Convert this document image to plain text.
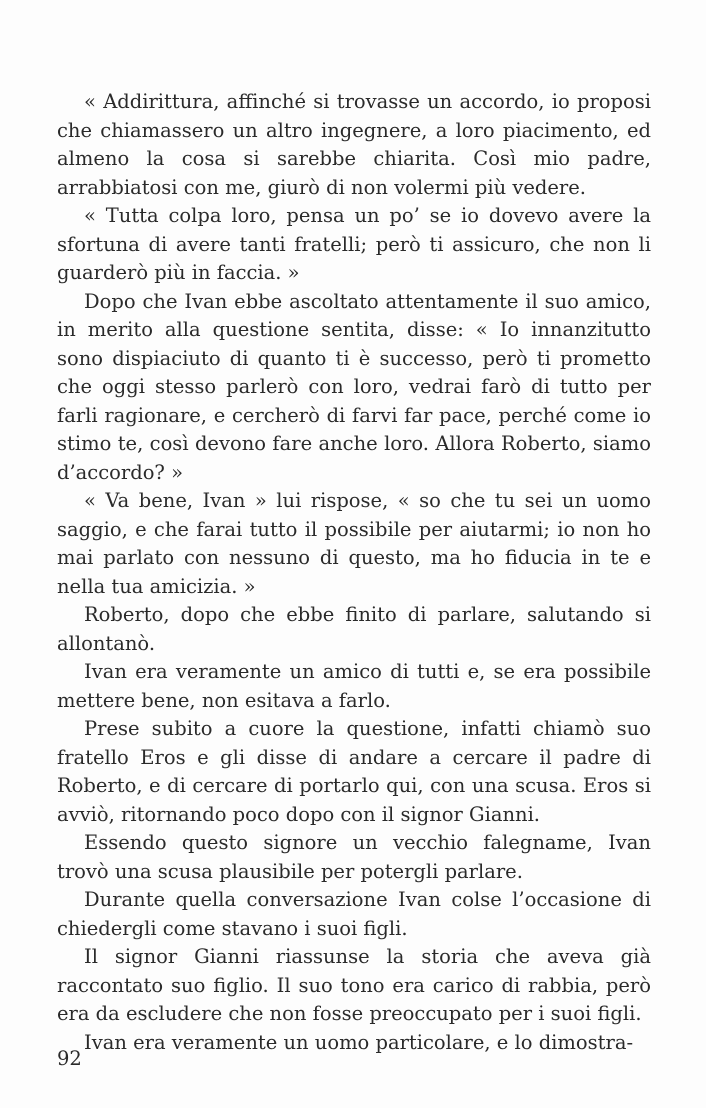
« Addirittura, affinché si trovasse un accordo, io proposi che chiamassero un altro ingegnere, a loro piacimento, ed almeno la cosa si sarebbe chiarita. Così mio padre, arrabbiatosi con me, giurò di non volermi più vedere.

« Tutta colpa loro, pensa un po’ se io dovevo avere la sfortuna di avere tanti fratelli; però ti assicuro, che non li guarderò più in faccia. »

Dopo che Ivan ebbe ascoltato attentamente il suo amico, in merito alla questione sentita, disse: « Io innanzitutto sono dispiaciuto di quanto ti è successo, però ti prometto che oggi stesso parlerò con loro, vedrai farò di tutto per farli ragionare, e cercherò di farvi far pace, perché come io stimo te, così devono fare anche loro. Allora Roberto, siamo d’accordo? »

« Va bene, Ivan » lui rispose, « so che tu sei un uomo saggio, e che farai tutto il possibile per aiutarmi; io non ho mai parlato con nessuno di questo, ma ho fiducia in te e nella tua amicizia. »

Roberto, dopo che ebbe finito di parlare, salutando si allontanò.

Ivan era veramente un amico di tutti e, se era possibile mettere bene, non esitava a farlo.

Prese subito a cuore la questione, infatti chiamò suo fratello Eros e gli disse di andare a cercare il padre di Roberto, e di cercare di portarlo qui, con una scusa. Eros si avviò, ritornando poco dopo con il signor Gianni.

Essendo questo signore un vecchio falegname, Ivan trovò una scusa plausibile per potergli parlare.

Durante quella conversazione Ivan colse l’occasione di chiedergli come stavano i suoi figli.

Il signor Gianni riassunse la storia che aveva già raccontato suo figlio. Il suo tono era carico di rabbia, però era da escludere che non fosse preoccupato per i suoi figli.

Ivan era veramente un uomo particolare, e lo dimostra-

92
